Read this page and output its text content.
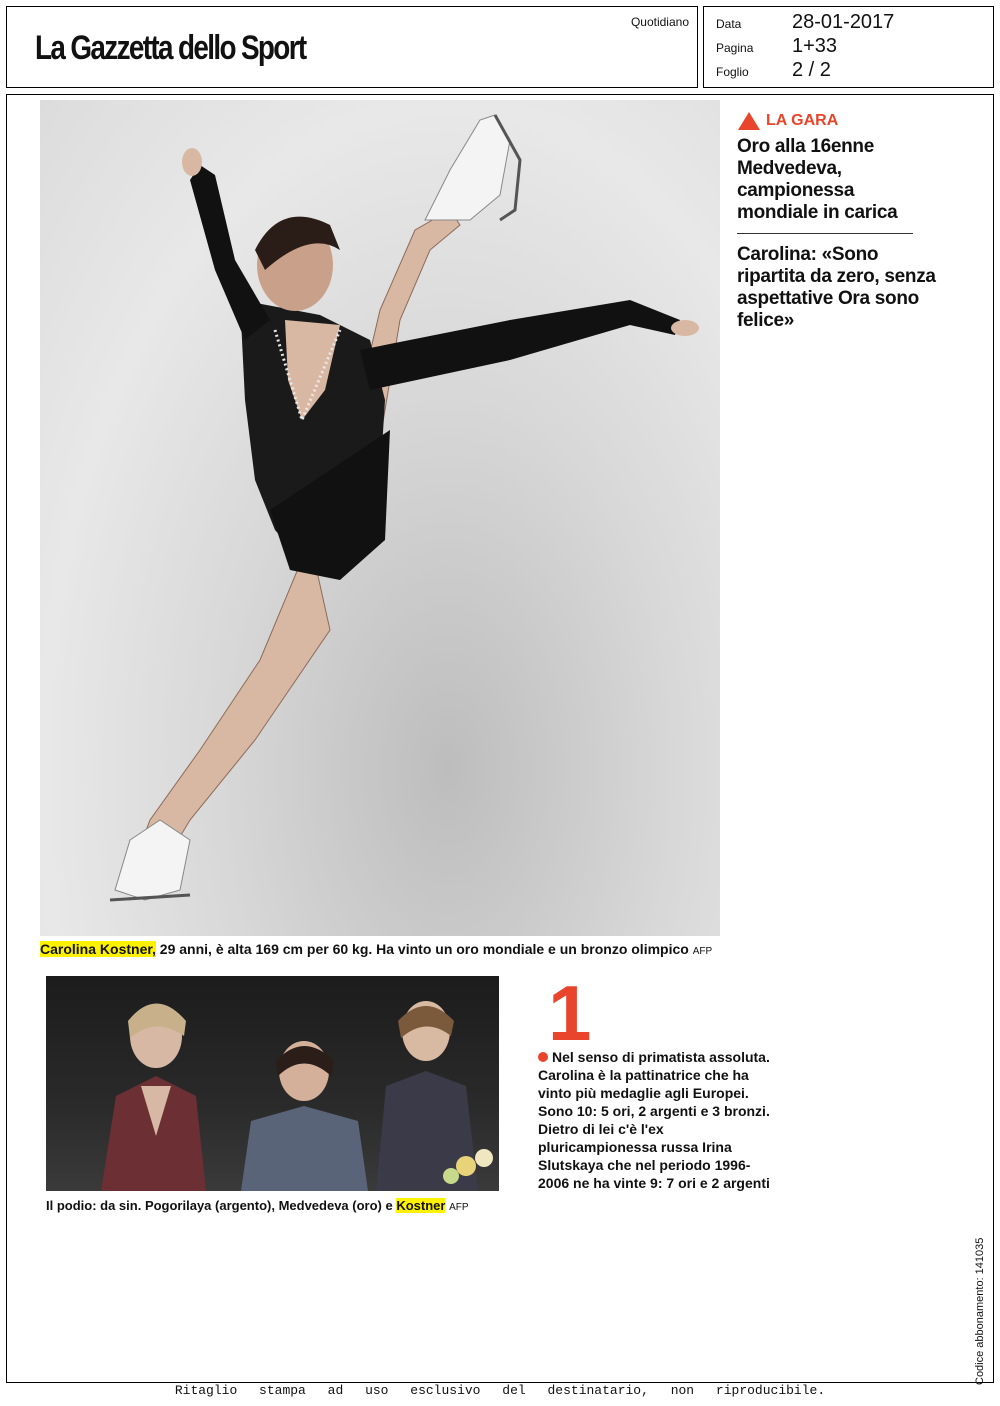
La Gazzetta dello Sport
Quotidiano Data	28-01-2017
Pagina 1+33
Foglio 2 / 2
Carolina Kostner, 29 anni, è alta 169 cm per 60 kg. Ha vinto un oro mondiale e un bronzo olimpico AFP
LA GARA
Oro alla 16enne Medvedeva, campionessa mondiale in carica
Carolina: «Sono ripartita da zero, senza aspettative Ora sono felice»
Il podio: da sin. Pogorilaya (argento), Medvedeva (oro) e Kostner AFP
1
Nel senso di primatista assoluta. Carolina è la pattinatrice che ha vinto più medaglie agli Europei. Sono 10: 5 ori, 2 argenti e 3 bronzi. Dietro di lei c'è l'ex pluricampionessa russa Irina Slutskaya che nel periodo 1996-2006 ne ha vinte 9: 7 ori e 2 argenti
Codice abbonamento: 141035
Ritaglio stampa ad uso esclusivo del destinatario, non riproducibile.
